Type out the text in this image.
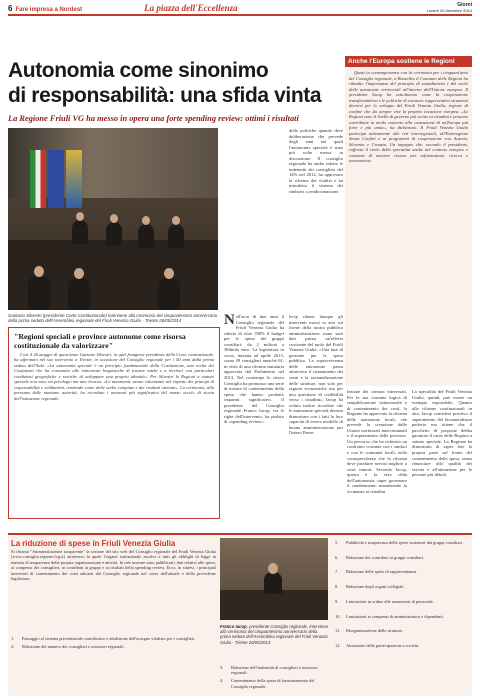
6 Fare impresa a Nordest	La piazza dell'Eccellenza	Giorni
Lunedì 29 dicembre 2014
Autonomia come sinonimo
di responsabilità: una sfida vinta
La Regione Friuli VG ha messo in opera una forte spending review: ottimi i risultati
Gaetano Silvestri (presidente Corte Costituzionale) interviene alla cerimonia del cinquantesimo anniversario della prima seduta dell'Assemblea regionale del Friuli Venezia Giulia - Trieste 26/05/2014
"Regioni speciali e province autonome come risorsa costituzionale da valorizzare"

Così il 26 maggio di quest'anno Gaetano Silvestri, in quel frangente presidente della Corte costituzionale, ha affermato nel suo intervento a Trieste, in occasione del Consiglio regionale per i 50 anni dalla prima seduta dell'Aula. «La autonomia speciale è un principio fondamentale della Costituzione, una scelta dei Costituenti che ha consentito alle minoranze linguistiche di trovare tutela e a territori con particolari condizioni geografiche e storiche di sviluppare una propria identità». Per Silvestri le Regioni a statuto speciale non sono un privilegio ma una risorsa: «Le autonomie vanno valorizzate nel rispetto dei principi di responsabilità e solidarietà, rendendo conto delle scelte compiute e dei risultati ottenuti». La cerimonia, alla presenza delle massime autorità, ha ricordato i momenti più significativi del mezzo secolo di storia dell'istituzione regionale.

Nell'arco di due anni il Consiglio regionale del Friuli Venezia Giulia ha ridotto di oltre l'80% il budget per le spese dei gruppi consiliari: da 2 milioni a 384mila euro. La legislatura in corso, iniziata ad aprile 2013, conta 49 consiglieri anziché 61, in virtù di una riforma statutaria approvata dal Parlamento nel 2013. Nel contempo lo stesso Consiglio ha promosso una serie di misure di contenimento della spesa che hanno prodotto risparmi significativi. Il presidente del Consiglio regionale Franco Iacop, tra le righe dell'intervento, ha parlato di «spending review».
delle politiche quando deve deliberazione che prevede degli anni nei quali l'autonomia speciale è stata più volte messa in discussione. Il consiglio regionale ha anche ridotto le indennità dei consiglieri del 14% nel 2012, ha approvato la riforma dei vitalizi e ha introdotto il sistema dei rimborsi a rendicontazione.
lecip ritiene dunque gli interventi mossi in atto sul fronte della nostra pubblica amministrazione siano stati dati prima un'offerta cosciente del ruolo del Friuli Venezia Giulia: «Una fase di gestione per la spesa pubblica. La sopravvivenza delle autonomie passa attraverso il risanamento dei conti e la razionalizzazione delle strutture, non solo per ragioni economiche ma per una questione di credibilità verso i cittadini». Iacop ha voluto inoltre ricordare che le autonomie speciali devono dimostrare con i fatti la loro capacità di essere modello di buona amministrazione per l'intero Paese.
lezione dei comuni interessati. Per la sua costante logica di semplificazione istituzionale e di contenimento dei costi, la Regione ha approvato la riforma delle autonomie locali, che prevede la creazione delle Unioni territoriali intercomunali e il superamento delle province. Un percorso che ha richiesto un confronto costante con i sindaci e con le comunità locali, nella consapevolezza che la riforma deve produrre servizi migliori a costi minori. Secondo Iacop, questa è la vera sfida dell'autonomia: saper governare il cambiamento mantenendo la vicinanza ai cittadini.
La specialità del Friuli Venezia Giulia, quindi, può essere un esempio esportabile. Quanto alle riforme costituzionali in atto, Iacop considera positivo il superamento del bicameralismo perfetto ma ritiene che il pacchetto di proposte debba garantire il ruolo delle Regioni a statuto speciale. La Regione ha dimostrato di saper fare la propria parte sul fronte del contenimento della spesa, senza rinunciare alla qualità dei servizi e all'attenzione per le persone più deboli.
Anche l'Europa sostiene le Regioni

Quasi in contemporanea con la cerimonia per i cinquant'anni del Consiglio regionale, a Bruxelles il Comitato delle Regioni ha ribadito l'importanza del principio di sussidiarietà e del ruolo delle autonomie territoriali all'interno dell'Unione europea. Il presidente Iacop ha sottolineato come la cooperazione transfrontaliera e le politiche di coesione rappresentino strumenti decisivi per lo sviluppo del Friuli Venezia Giulia, regione di confine che da sempre vive la propria vocazione europea. «Le Regioni sono il livello di governo più vicino ai cittadini e possono contribuire in modo concreto alla costruzione di un'Europa più forte e più unita», ha dichiarato. Il Friuli Venezia Giulia partecipa attivamente alle reti interregionali, all'Euroregione Senza Confini e ai programmi di cooperazione con Austria, Slovenia e Croazia. Un impegno che, secondo il presidente, rafforza il ruolo della specialità anche nel contesto europeo e consente di attrarre risorse per infrastrutture, ricerca e innovazione.

La riduzione di spese in Friuli Venezia Giulia
Si chiama "Amministrazione trasparente" la sezione del sito web del Consiglio regionale del Friuli Venezia Giulia (www.consiglio.regione.fvg.it) attraverso la quale l'organo istituzionale assolve a tutti gli obblighi di legge in materia di trasparenza della propria organizzazione e attività. In tale sezione sono pubblicati i dati relativi alle spese, ai compensi dei consiglieri, ai contributi ai gruppi e ai risultati della spending review. Ecco, in sintesi, i principali interventi di contenimento dei costi adottati dal Consiglio regionale nel corso dell'attuale e della precedente legislatura.
1.	Passaggio al sistema previdenziale contributivo e abolizione dell'assegno vitalizio per i consiglieri.
2.	Riduzione del numero dei consiglieri e assessori regionali.
Franco Iacop, presidente Consiglio regionale, interviene alla cerimonia del cinquantesimo anniversario della prima seduta dell'Assemblea regionale del Friuli Venezia Giulia - Trieste 26/05/2014
3.	Riduzione dell'indennità di consiglieri e assessori regionali.
4.	Contenimento della spesa di funzionamento del Consiglio regionale.
5.	Pubblicità e trasparenza delle spese sostenute dai gruppi consiliari.
6.	Riduzione dei contributi ai gruppi consiliari.
7.	Riduzione delle spese di rappresentanza.
8.	Riduzione degli organi collegiali.
9.	Limitazioni in ordine alle assunzioni di personale.
10.	Limitazioni ai compensi di amministratori e dipendenti.
11.	Riorganizzazione delle strutture.
12.	Attuazione della partecipazione a società.
